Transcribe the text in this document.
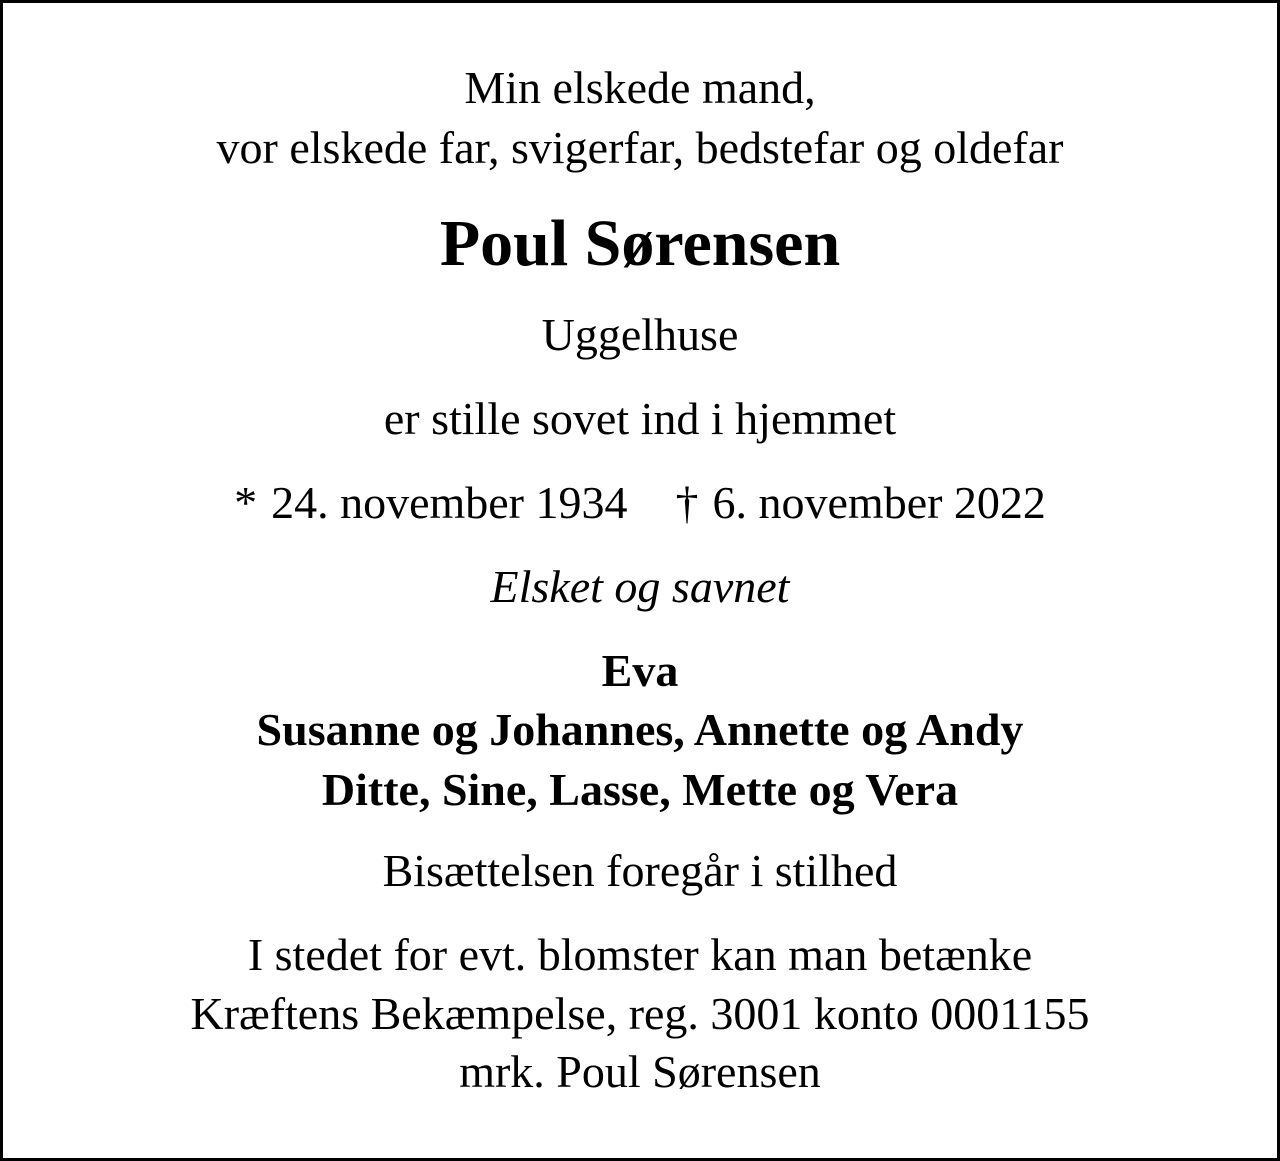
Min elskede mand,
vor elskede far, svigerfar, bedstefar og oldefar
Poul Sørensen
Uggelhuse
er stille sovet ind i hjemmet
* 24. november 1934 † 6. november 2022
Elsket og savnet
Eva
Susanne og Johannes, Annette og Andy
Ditte, Sine, Lasse, Mette og Vera
Bisættelsen foregår i stilhed
I stedet for evt. blomster kan man betænke
Kræftens Bekæmpelse, reg. 3001 konto 0001155
mrk. Poul Sørensen
